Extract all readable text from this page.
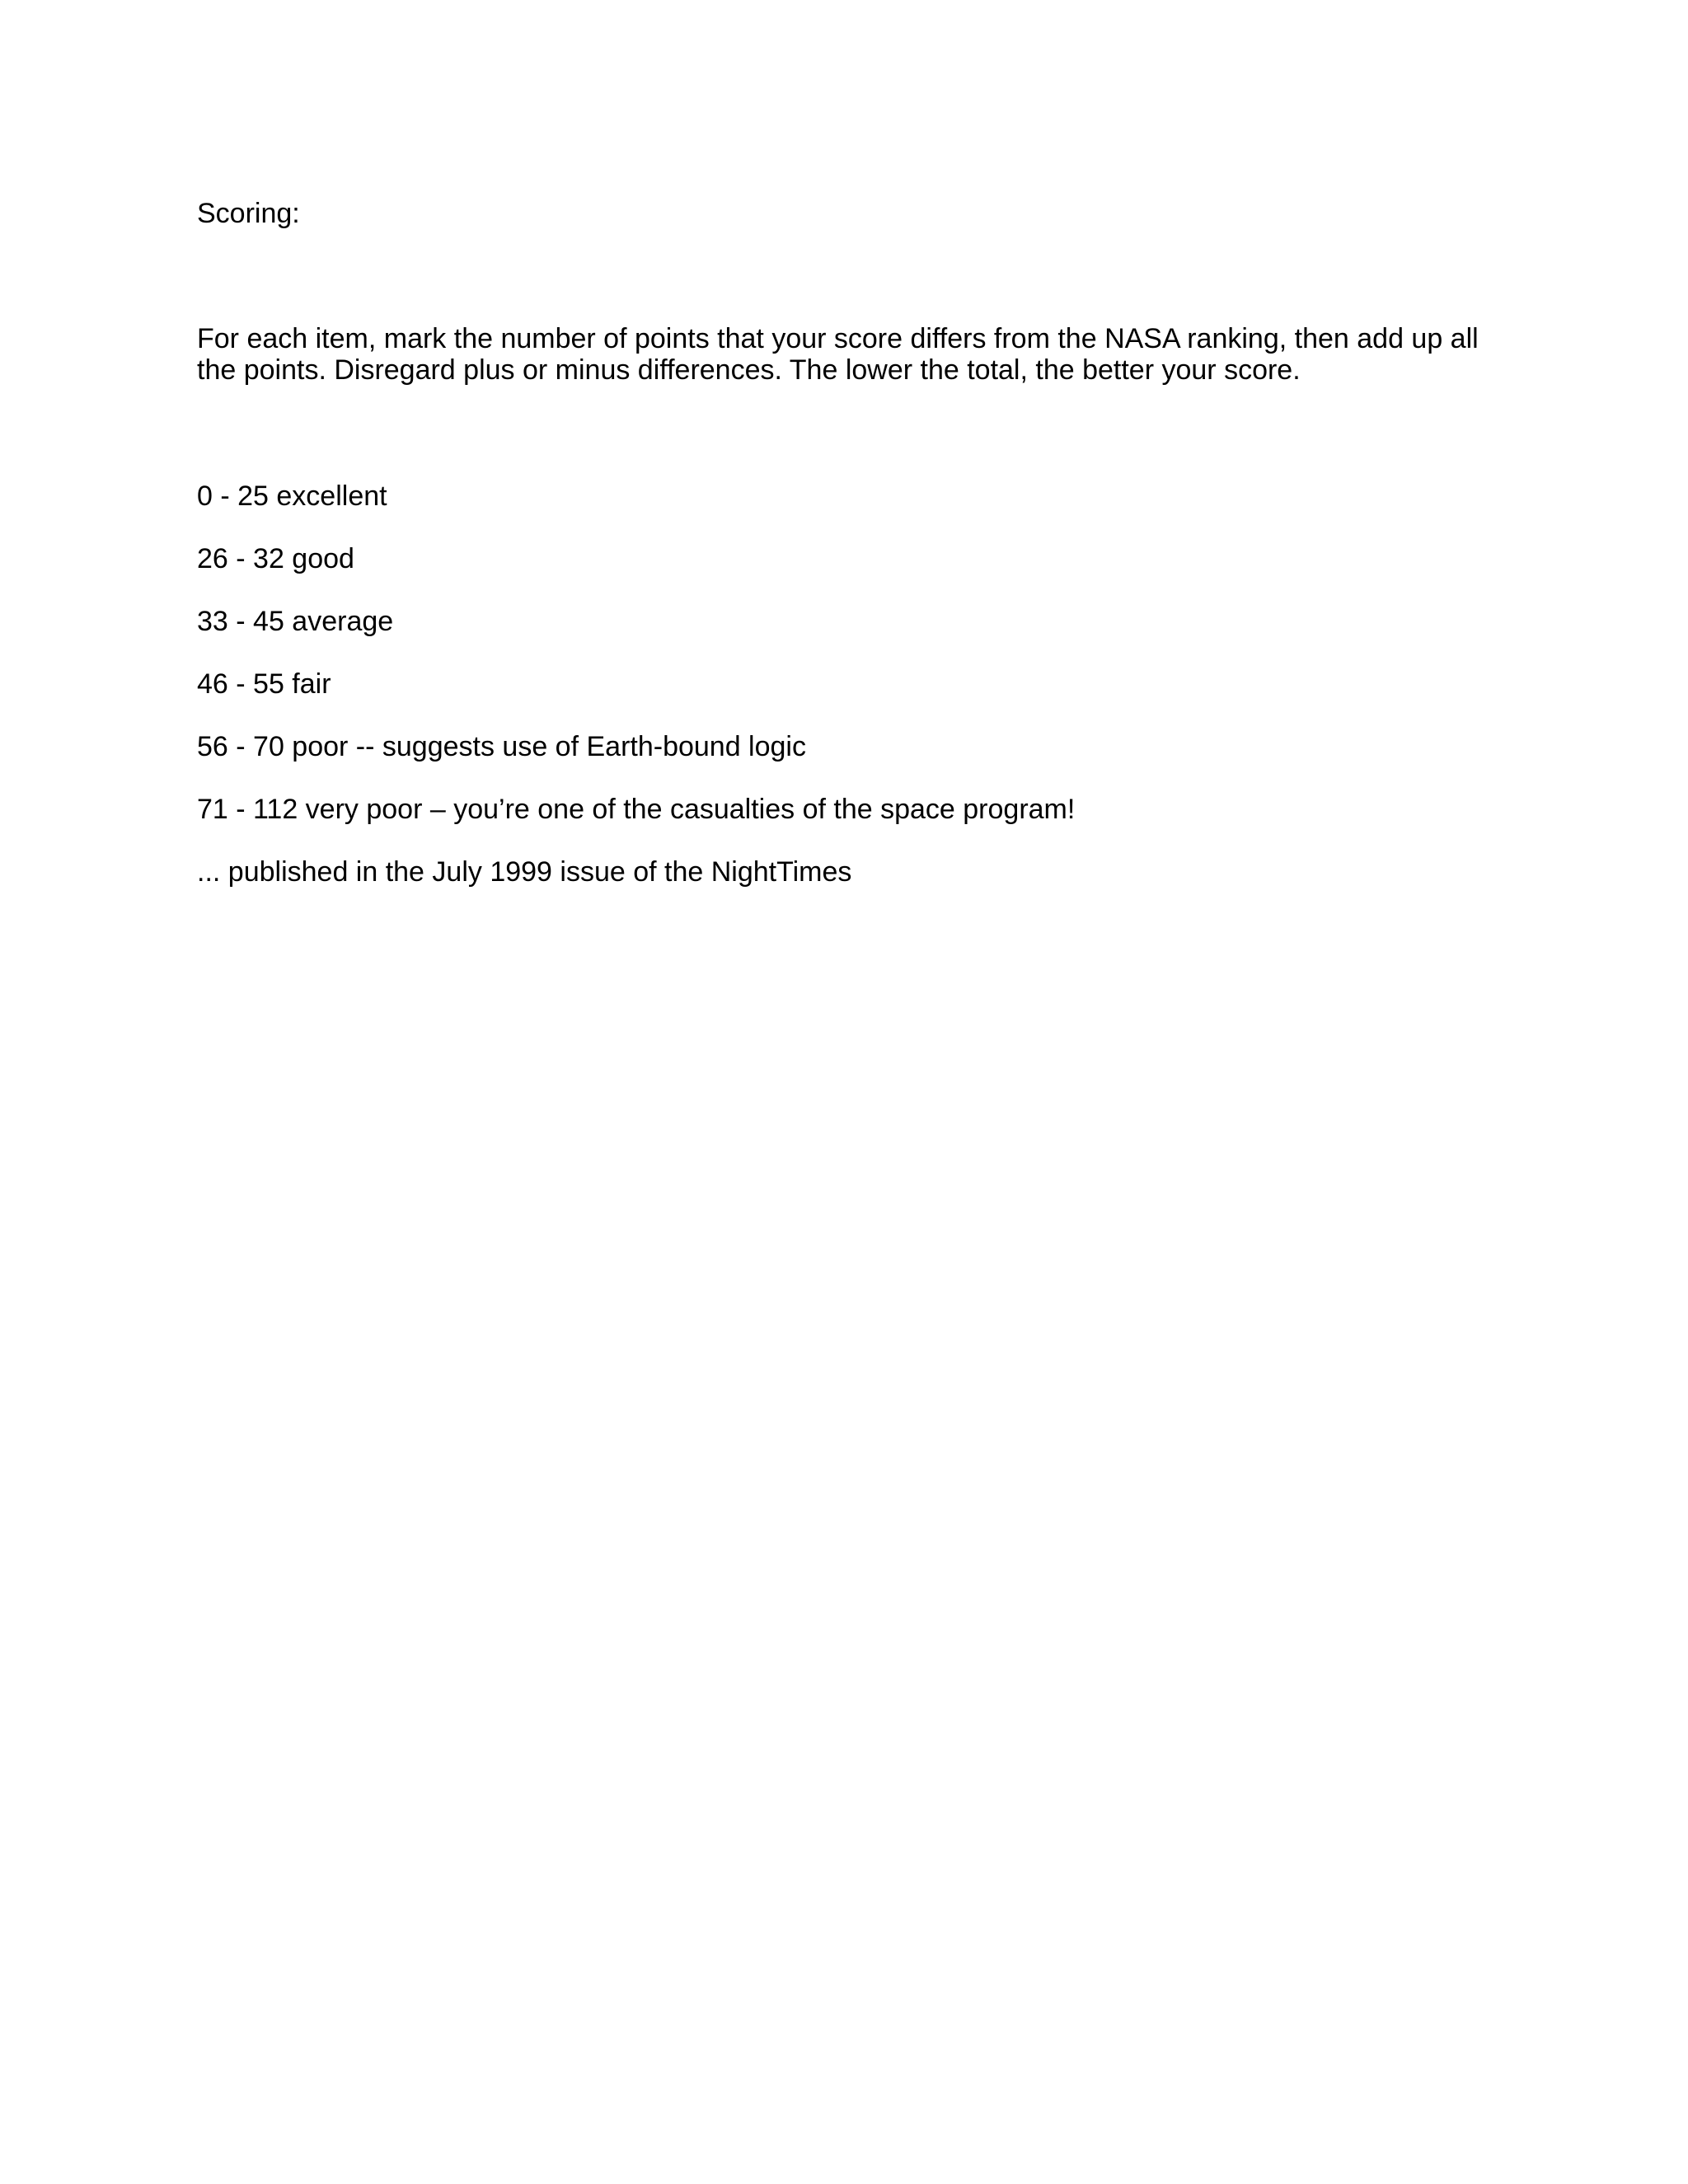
Scoring:

For each item, mark the number of points that your score differs from the NASA ranking, then add up all the points. Disregard plus or minus differences. The lower the total, the better your score.

0 - 25 excellent
26 - 32 good
33 - 45 average
46 - 55 fair
56 - 70 poor -- suggests use of Earth-bound logic
71 - 112 very poor – you’re one of the casualties of the space program!
... published in the July 1999 issue of the NightTimes
